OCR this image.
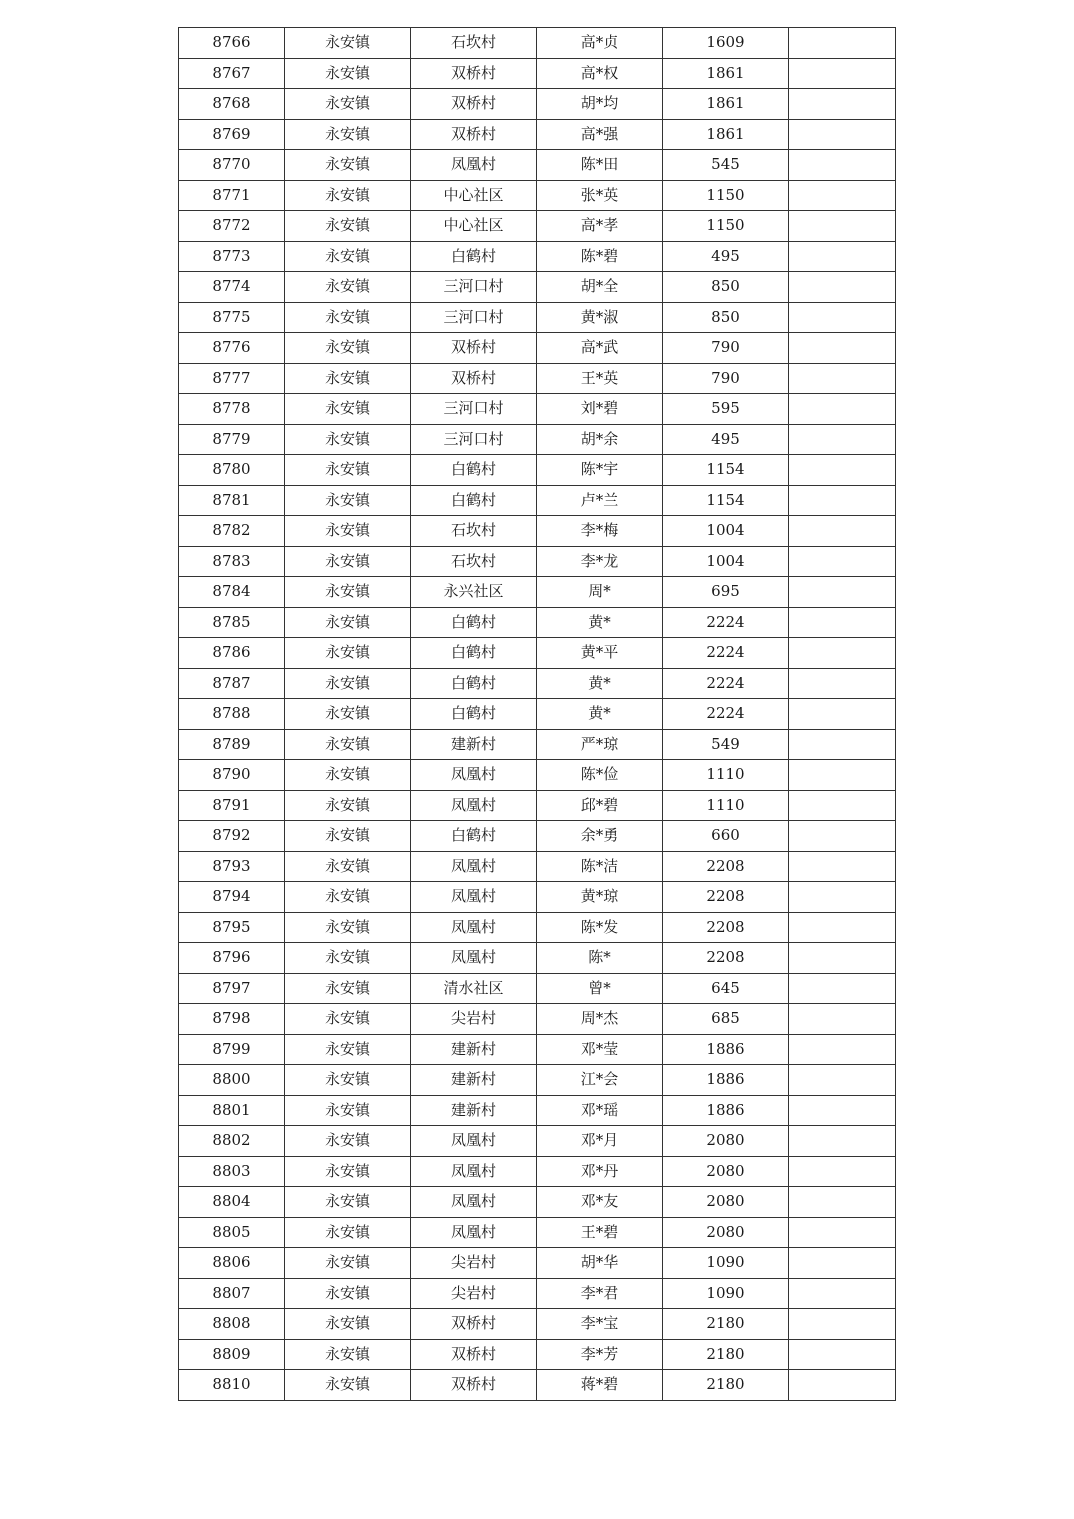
8766	永安镇	石坎村	高*贞	1609	
8767	永安镇	双桥村	高*权	1861	
8768	永安镇	双桥村	胡*均	1861	
8769	永安镇	双桥村	高*强	1861	
8770	永安镇	凤凰村	陈*田	545	
8771	永安镇	中心社区	张*英	1150	
8772	永安镇	中心社区	高*孝	1150	
8773	永安镇	白鹤村	陈*碧	495	
8774	永安镇	三河口村	胡*全	850	
8775	永安镇	三河口村	黄*淑	850	
8776	永安镇	双桥村	高*武	790	
8777	永安镇	双桥村	王*英	790	
8778	永安镇	三河口村	刘*碧	595	
8779	永安镇	三河口村	胡*余	495	
8780	永安镇	白鹤村	陈*宇	1154	
8781	永安镇	白鹤村	卢*兰	1154	
8782	永安镇	石坎村	李*梅	1004	
8783	永安镇	石坎村	李*龙	1004	
8784	永安镇	永兴社区	周*	695	
8785	永安镇	白鹤村	黄*	2224	
8786	永安镇	白鹤村	黄*平	2224	
8787	永安镇	白鹤村	黄*	2224	
8788	永安镇	白鹤村	黄*	2224	
8789	永安镇	建新村	严*琼	549	
8790	永安镇	凤凰村	陈*俭	1110	
8791	永安镇	凤凰村	邱*碧	1110	
8792	永安镇	白鹤村	余*勇	660	
8793	永安镇	凤凰村	陈*洁	2208	
8794	永安镇	凤凰村	黄*琼	2208	
8795	永安镇	凤凰村	陈*发	2208	
8796	永安镇	凤凰村	陈*	2208	
8797	永安镇	清水社区	曾*	645	
8798	永安镇	尖岩村	周*杰	685	
8799	永安镇	建新村	邓*莹	1886	
8800	永安镇	建新村	江*会	1886	
8801	永安镇	建新村	邓*瑶	1886	
8802	永安镇	凤凰村	邓*月	2080	
8803	永安镇	凤凰村	邓*丹	2080	
8804	永安镇	凤凰村	邓*友	2080	
8805	永安镇	凤凰村	王*碧	2080	
8806	永安镇	尖岩村	胡*华	1090	
8807	永安镇	尖岩村	李*君	1090	
8808	永安镇	双桥村	李*宝	2180	
8809	永安镇	双桥村	李*芳	2180	
8810	永安镇	双桥村	蒋*碧	2180	
